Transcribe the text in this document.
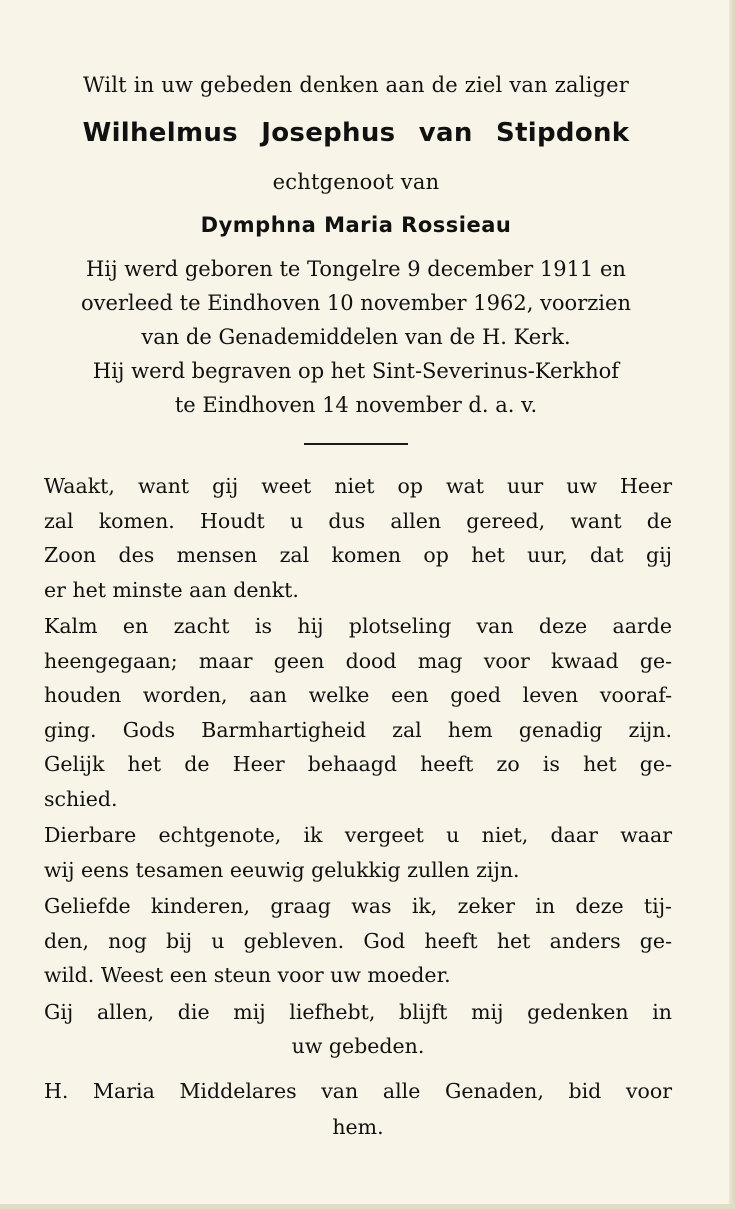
Wilt in uw gebeden denken aan de ziel van zaliger
Wilhelmus Josephus van Stipdonk
echtgenoot van
Dymphna Maria Rossieau
Hij werd geboren te Tongelre 9 december 1911 en
overleed te Eindhoven 10 november 1962, voorzien
van de Genademiddelen van de H. Kerk.
Hij werd begraven op het Sint-Severinus-Kerkhof
te Eindhoven 14 november d. a. v.
Waakt, want gij weet niet op wat uur uw Heer
zal komen. Houdt u dus allen gereed, want de
Zoon des mensen zal komen op het uur, dat gij
er het minste aan denkt.
Kalm en zacht is hij plotseling van deze aarde
heengegaan; maar geen dood mag voor kwaad ge-
houden worden, aan welke een goed leven vooraf-
ging. Gods Barmhartigheid zal hem genadig zijn.
Gelijk het de Heer behaagd heeft zo is het ge-
schied.
Dierbare echtgenote, ik vergeet u niet, daar waar
wij eens tesamen eeuwig gelukkig zullen zijn.
Geliefde kinderen, graag was ik, zeker in deze tij-
den, nog bij u gebleven. God heeft het anders ge-
wild. Weest een steun voor uw moeder.
Gij allen, die mij liefhebt, blijft mij gedenken in
uw gebeden.
H. Maria Middelares van alle Genaden, bid voor
hem.
